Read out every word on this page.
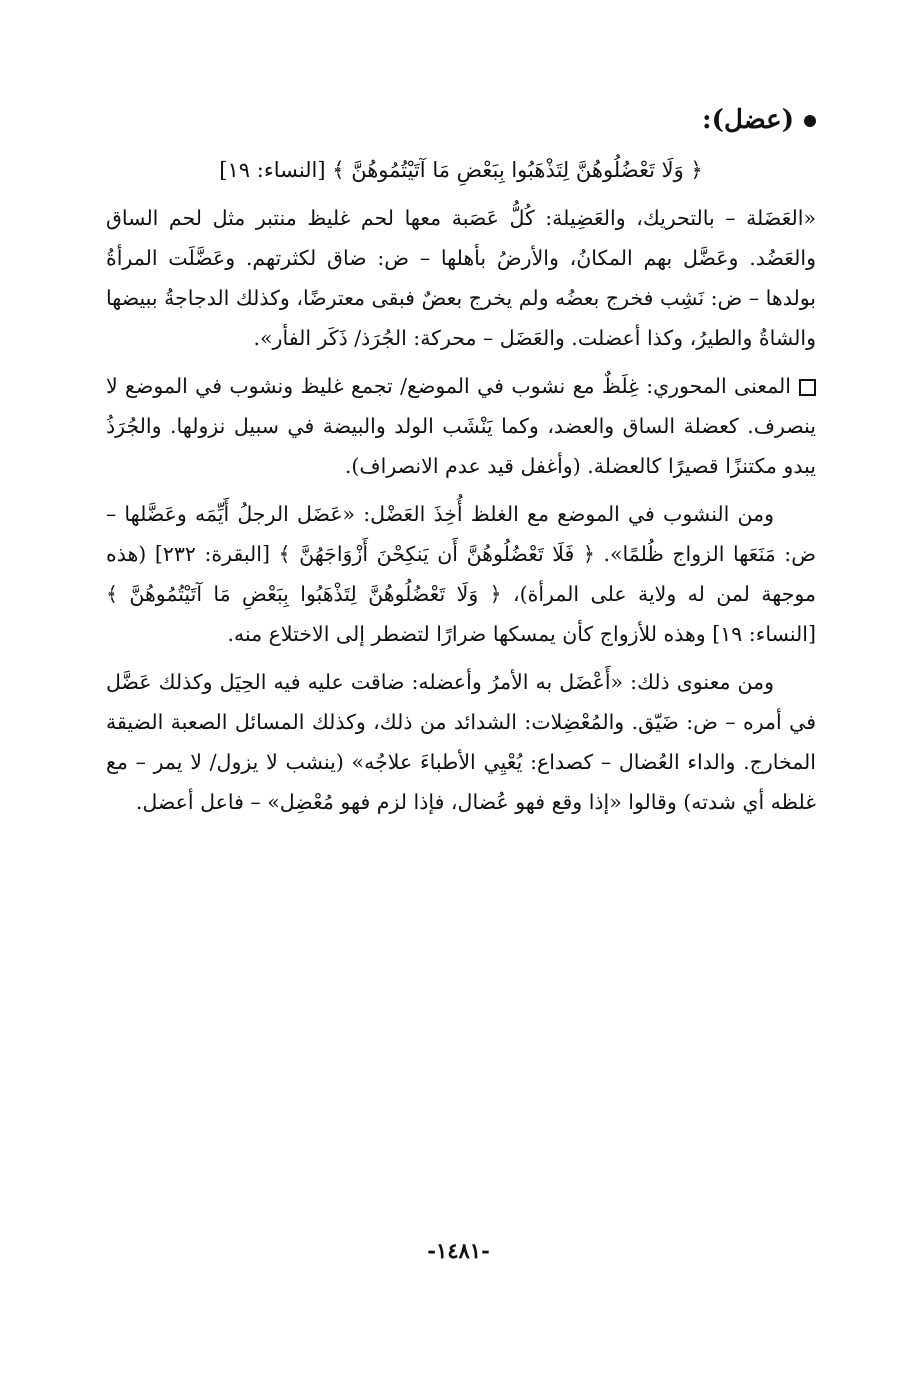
(عضل):
﴿ وَلَا تَعْضُلُوهُنَّ لِتَذْهَبُوا بِبَعْضِ مَا آتَيْتُمُوهُنَّ ﴾ [النساء: ١٩]

«العَضَلة – بالتحريك، والعَضِيلة: كُلُّ عَصَبة معها لحم غليظ منتبر مثل لحم الساق والعَضُد. وعَضَّل بهم المكانُ، والأرضُ بأهلها – ض: ضاق لكثرتهم. وعَضَّلَت المرأةُ بولدها – ض: نَشِب فخرج بعضُه ولم يخرج بعضٌ فبقى معترضًا، وكذلك الدجاجةُ ببيضها والشاةُ والطيرُ، وكذا أعضلت. والعَضَل – محركة: الجُرَذ/ ذَكَر الفأر».

المعنى المحوري: غِلَظٌ مع نشوب في الموضع/ تجمع غليظ ونشوب في الموضع لا ينصرف. كعضلة الساق والعضد، وكما يَنْشَب الولد والبيضة في سبيل نزولها. والجُرَذُ يبدو مكتنزًا قصيرًا كالعضلة. (وأغفل قيد عدم الانصراف).

ومن النشوب في الموضع مع الغلظ أُخِذَ العَضْل: «عَضَل الرجلُ أَيِّمَه وعَضَّلها – ض: مَنَعَها الزواج ظُلمًا». ﴿ فَلَا تَعْضُلُوهُنَّ أَن يَنكِحْنَ أَزْوَاجَهُنَّ ﴾ [البقرة: ٢٣٢] (هذه موجهة لمن له ولاية على المرأة)، ﴿ وَلَا تَعْضُلُوهُنَّ لِتَذْهَبُوا بِبَعْضِ مَا آتَيْتُمُوهُنَّ ﴾ [النساء: ١٩] وهذه للأزواج كأن يمسكها ضرارًا لتضطر إلى الاختلاع منه.

ومن معنوى ذلك: «أَعْضَل به الأمرُ وأعضله: ضاقت عليه فيه الحِيَل وكذلك عَضَّل في أمره – ض: ضَيّق. والمُعْضِلات: الشدائد من ذلك، وكذلك المسائل الصعبة الضيقة المخارج. والداء العُضال – كصداع: يُعْيِي الأطباءَ علاجُه» (ينشب لا يزول/ لا يمر – مع غلظه أي شدته) وقالوا «إذا وقع فهو عُضال، فإذا لزم فهو مُعْضِل» – فاعل أعضل.

-١٤٨١-
